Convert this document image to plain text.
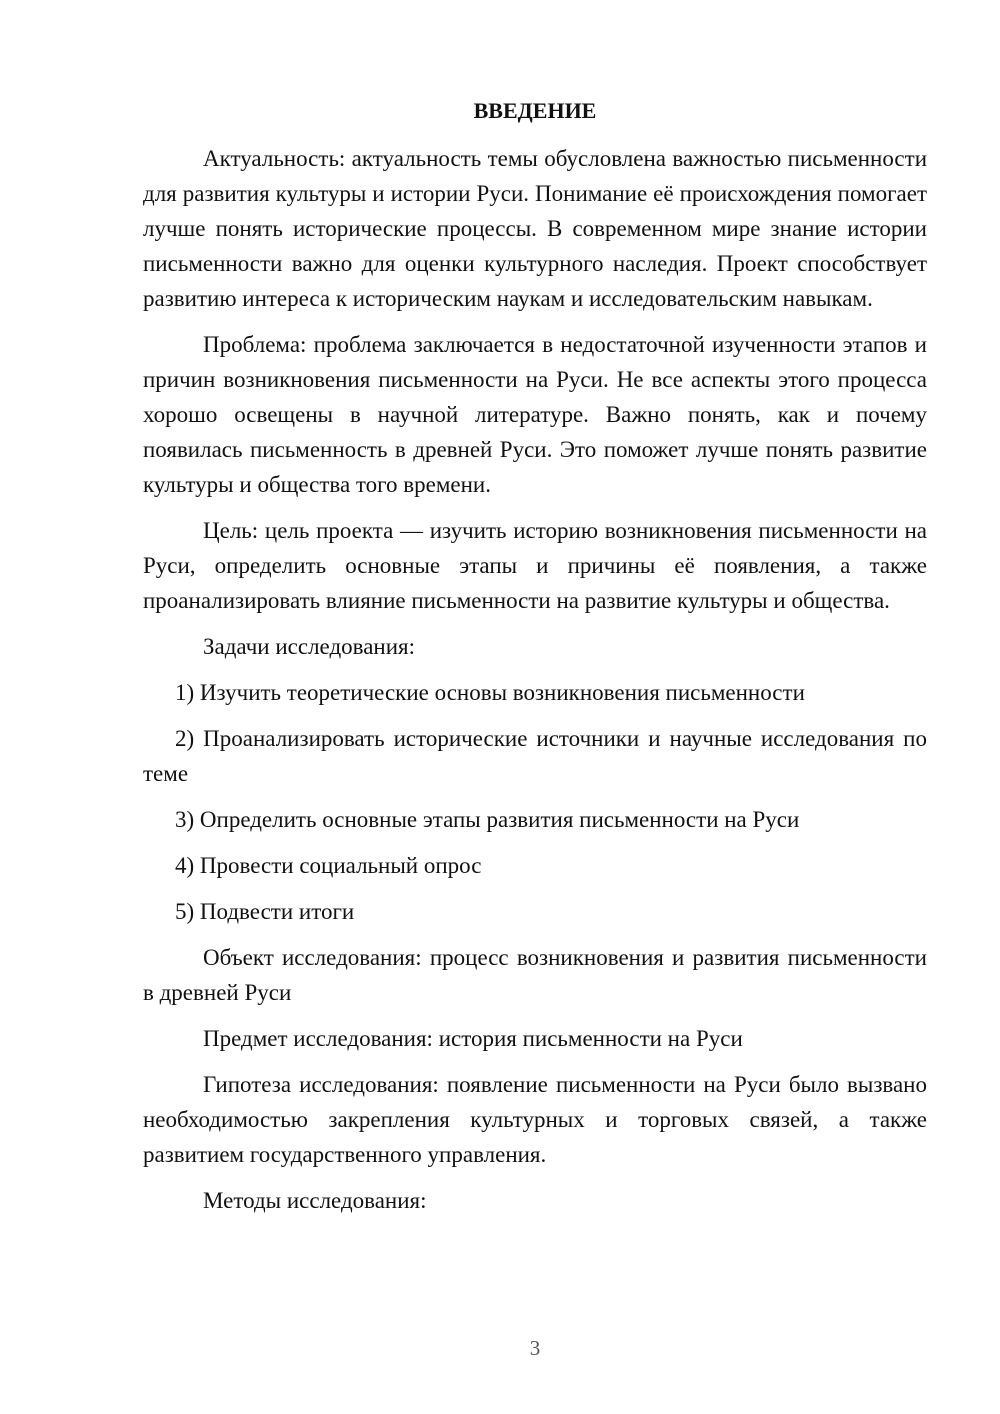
ВВЕДЕНИЕ

Актуальность: актуальность темы обусловлена важностью письменности для развития культуры и истории Руси. Понимание её происхождения помогает лучше понять исторические процессы. В современном мире знание истории письменности важно для оценки культурного наследия. Проект способствует развитию интереса к историческим наукам и исследовательским навыкам.

Проблема: проблема заключается в недостаточной изученности этапов и причин возникновения письменности на Руси. Не все аспекты этого процесса хорошо освещены в научной литературе. Важно понять, как и почему появилась письменность в древней Руси. Это поможет лучше понять развитие культуры и общества того времени.

Цель: цель проекта — изучить историю возникновения письменности на Руси, определить основные этапы и причины её появления, а также проанализировать влияние письменности на развитие культуры и общества.

Задачи исследования:

1) Изучить теоретические основы возникновения письменности

2) Проанализировать исторические источники и научные исследования по теме

3) Определить основные этапы развития письменности на Руси

4) Провести социальный опрос

5) Подвести итоги

Объект исследования: процесс возникновения и развития письменности в древней Руси

Предмет исследования: история письменности на Руси

Гипотеза исследования: появление письменности на Руси было вызвано необходимостью закрепления культурных и торговых связей, а также развитием государственного управления.

Методы исследования:

3
